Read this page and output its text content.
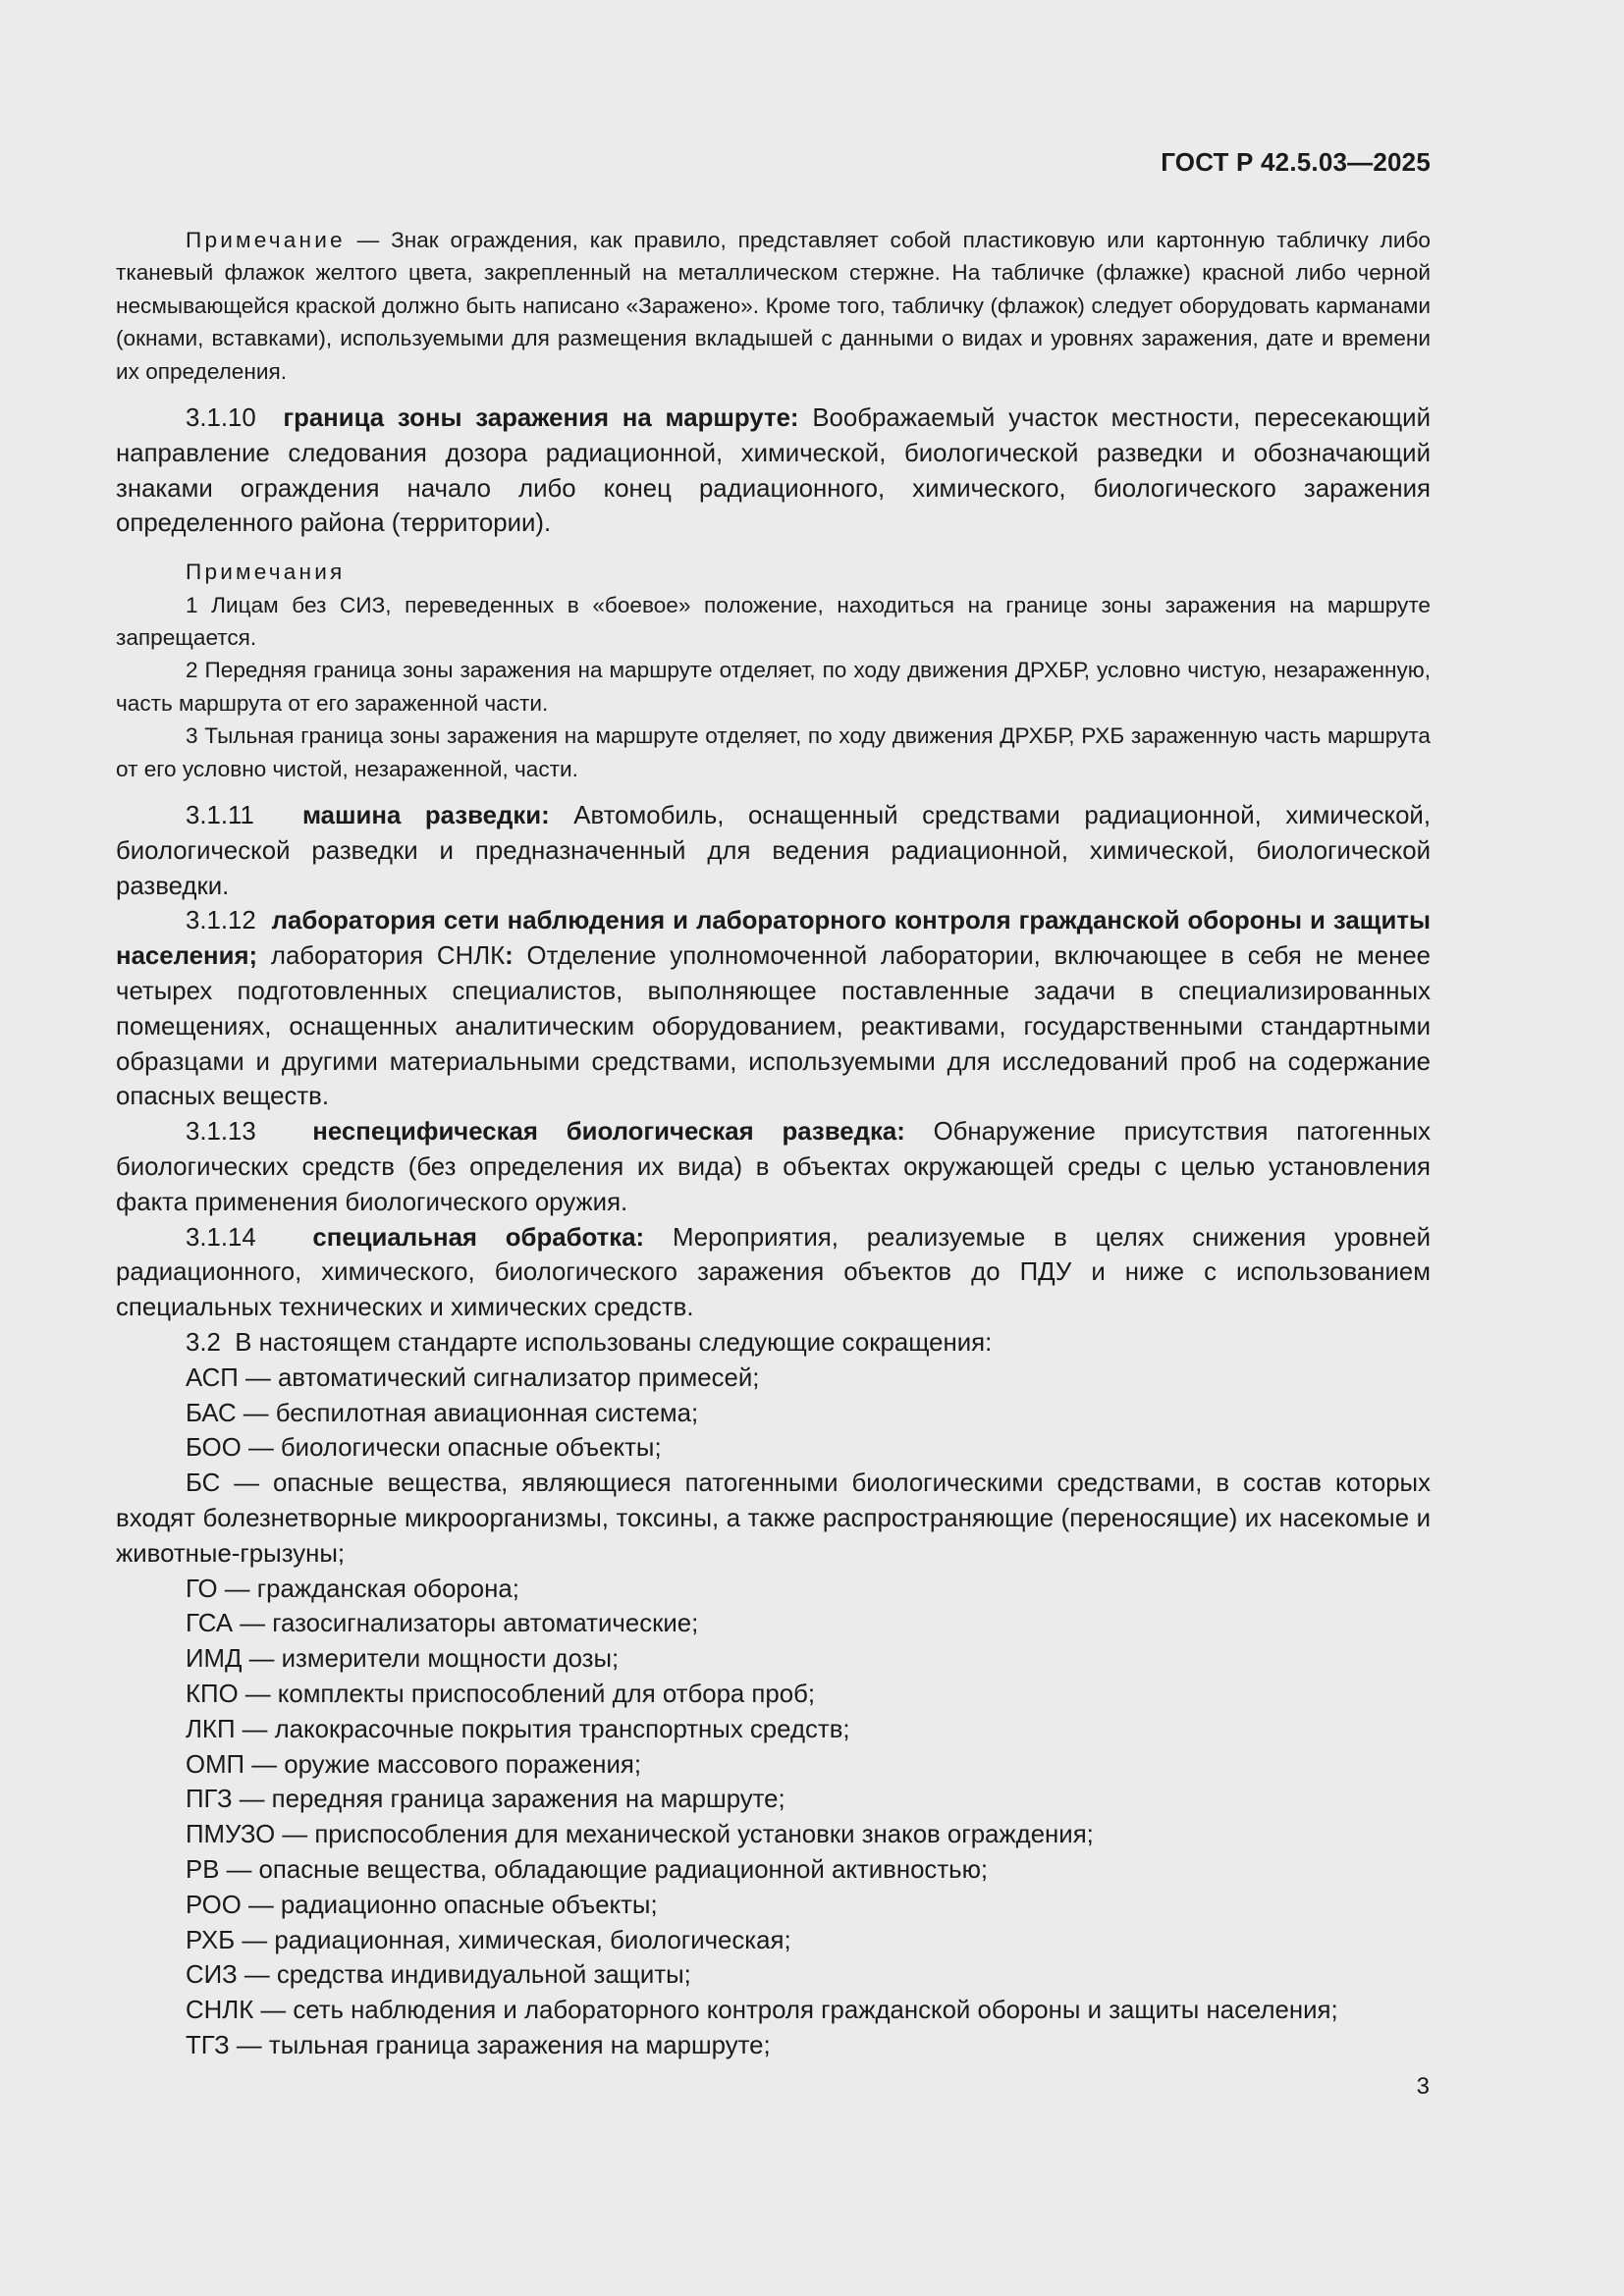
ГОСТ Р 42.5.03—2025

Примечание — Знак ограждения, как правило, представляет собой пластиковую или картонную табличку либо тканевый флажок желтого цвета, закрепленный на металлическом стержне. На табличке (флажке) красной либо черной несмывающейся краской должно быть написано «Заражено». Кроме того, табличку (флажок) следует оборудовать карманами (окнами, вставками), используемыми для размещения вкладышей с данными о видах и уровнях заражения, дате и времени их определения.

3.1.10 граница зоны заражения на маршруте: Воображаемый участок местности, пересекающий направление следования дозора радиационной, химической, биологической разведки и обозначающий знаками ограждения начало либо конец радиационного, химического, биологического заражения определенного района (территории).

Примечания

1 Лицам без СИЗ, переведенных в «боевое» положение, находиться на границе зоны заражения на маршруте запрещается.

2 Передняя граница зоны заражения на маршруте отделяет, по ходу движения ДРХБР, условно чистую, незараженную, часть маршрута от его зараженной части.

3 Тыльная граница зоны заражения на маршруте отделяет, по ходу движения ДРХБР, РХБ зараженную часть маршрута от его условно чистой, незараженной, части.

3.1.11 машина разведки: Автомобиль, оснащенный средствами радиационной, химической, биологической разведки и предназначенный для ведения радиационной, химической, биологической разведки.

3.1.12 лаборатория сети наблюдения и лабораторного контроля гражданской обороны и защиты населения; лаборатория СНЛК: Отделение уполномоченной лаборатории, включающее в себя не менее четырех подготовленных специалистов, выполняющее поставленные задачи в специализированных помещениях, оснащенных аналитическим оборудованием, реактивами, государственными стандартными образцами и другими материальными средствами, используемыми для исследований проб на содержание опасных веществ.

3.1.13 неспецифическая биологическая разведка: Обнаружение присутствия патогенных биологических средств (без определения их вида) в объектах окружающей среды с целью установления факта применения биологического оружия.

3.1.14 специальная обработка: Мероприятия, реализуемые в целях снижения уровней радиационного, химического, биологического заражения объектов до ПДУ и ниже с использованием специальных технических и химических средств.

3.2 В настоящем стандарте использованы следующие сокращения:

АСП — автоматический сигнализатор примесей;

БАС — беспилотная авиационная система;

БОО — биологически опасные объекты;

БС — опасные вещества, являющиеся патогенными биологическими средствами, в состав которых входят болезнетворные микроорганизмы, токсины, а также распространяющие (переносящие) их насекомые и животные-грызуны;

ГО — гражданская оборона;

ГСА — газосигнализаторы автоматические;

ИМД — измерители мощности дозы;

КПО — комплекты приспособлений для отбора проб;

ЛКП — лакокрасочные покрытия транспортных средств;

ОМП — оружие массового поражения;

ПГЗ — передняя граница заражения на маршруте;

ПМУЗО — приспособления для механической установки знаков ограждения;

РВ — опасные вещества, обладающие радиационной активностью;

РОО — радиационно опасные объекты;

РХБ — радиационная, химическая, биологическая;

СИЗ — средства индивидуальной защиты;

СНЛК — сеть наблюдения и лабораторного контроля гражданской обороны и защиты населения;

ТГЗ — тыльная граница заражения на маршруте;

3
